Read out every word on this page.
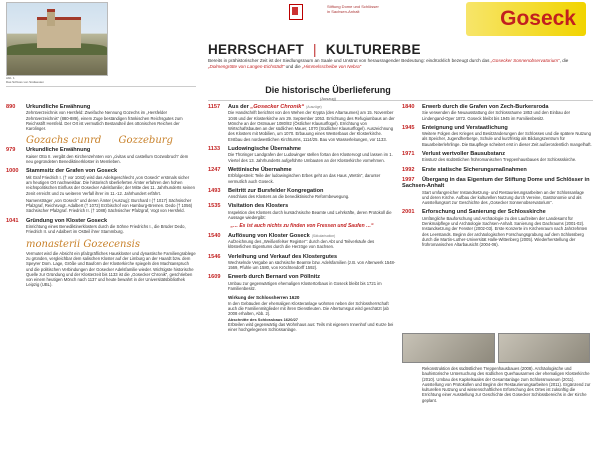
Abb. 1
Das Schloss von Südwesten
Stiftung Dome und Schlösser
in Sachsen-Anhalt	Goseck
HERRSCHAFT | KULTURERBE
Bereits in prähistorischer Zeit ist der Siedlungsraum an Saale und Unstrut von herausragender Bedeutung: eindrücklich bezeugt durch das „Gosecker Sonnenobservatorium“, die „Dolmengrötte von Langen-Eichstädt“ und die „Himmelsscheibe von Nebra“
Die historische Überlieferung
(Auszug)
890 Urkundliche Erwähnung
Zehntverzeichnis von Hersfeld: Zweifache Nennung Gozechs im „Hersfelder Zehntverzeichnis“ (880-889), einem Zuge beständigen fränkischen Reichsgutes zum Reichsstift Hersfeld. Der Ort ist vermutlich Bestandteil des ottonischen Reiches der Karolinger.
Gozachs cunrd Gozzeburg
979 Urkundliche Erwähnung
Kaiser Otto II. vergibt den Kirchenzehnten von „civitas und castellum Gozwobruch“ dem neu gegründeten Benediktinerkloster in Memleben.
1000 Stammsitz der Grafen von Goseck
Mit Graf Friedrich I. († vor 1042) wird das Adelsgeschlecht „von Goseck“ erstmals sicher am heutigen Ort nachweisbar. Die historisch überlieferten Ämter erfahren den hohen reichspolitischen Einfluss der Gosecker Adelsfamilie; der Mitte des 11. Jahrhunderts seinen Zenit erreicht und zu weiteren Verfall ihrer im 11.-12. Jahrhundert erfährt.
Namensträger „von Goseck“ und deren Ämter (Auszug): Burchard I († 1017) Sächsischer Pfalzgraf, Reichsvogt. Adalbert († 1072) Erzbischof von Hamburg-Bremen. Dedo († 1056) Sächsischer Pfalzgraf. Friedrich II. († 1088) Sächsischer Pfalzgraf, Vogt von Hersfeld.
1041 Gründung von Kloster Goseck
Einrichtung eines Benediktinerklosters durch die Söhne Friedrichs I., die Brüder Dedo, Friedrich II. und Adalbert im Ostteil ihrer Stammburg.
monasterii Gozecensis
Vermutet wird die Absicht ein pfalzgräfliches Hauskloster und dynastische Familiengrablege zu gründen, vergleichbar dem salischen Kloster auf der Limburg an der Haardt bzw. dem Speyrer Dom. Lage, Größe und Bauform der Klosterkirche spiegeln den Machtanspruch und die politischen Verbindungen der Gosecker Adelsfamilie wieder. Wichtigste historische Quelle zur Gründung und der Klosterzeit bis 1133 ist die „Gosecker Chronik“, geschrieben von einem heutigen Mönch nach 1137 und heute bewahrt in der Universitätsbibliothek Leipzig (UBL).
1157 Aus der „Gosecker Chronik“ (Auszüge)
Die Handschrift berichtet von den Wehen der Krypta (des Altarraumes) am 15. November 1046 und der Klosterkirche am 29. September 1053. Errichtung des Refugiumbaus an der Mönche an der Ostmauer 1080/82 (Östlicher Klausurflügel). Errichtung von Wirtschaftsbauten an der südlichen Mauer, 1070 (Südlicher Klausurflügel). Auszeichnung des Klosters mit Mobilien, um 1070. Erbauung eines Westerbaus der Klosterkirche. Erstbau des nordwestlichen Kirchturms, 1114/25. Bau von Wasserleitungen, vor 1133.
1133 Ludowingische Übernahme
Die Thüringer Landgrafen der Ludowinger stellen fortan den Klostervogt und lassen im 1. Viertel des 13. Jahrhunderts aufgeführte Umbauten an der Klosterkirche vornehmen.
1247 Wettinische Übernahme
Erbfolgestreit: Teile der ludowingischen Erbes geht an das Haus „Wettin“, darunter vermutlich auch Goseck.
1493 Beitritt zur Bursfelder Kongregation
Anschluss des Klosters an die benediktinische Reformbewegung.
1535 Visitation des Klosters
Inspektion des Klosters durch kursächsische Beamte und Lehrkräfte, deren Protokoll die Aussage wiedergibt:
„… Es ist auch nichts zu finden von Fressen und Saufen …“
1540 Auflösung von Kloster Goseck (Säkularisation)
Aufzeichnung des „Weißenfelser Register“: durch den Abt und Teilverkäufe des klösterlichen Eigentums durch die Herzöge von Sachsen.
1546 Verleihung und Verkauf des Klostergutes
Wechselnde Vergabe an sächsische Beamte bzw. Adelsfamilien (z.B. von Altenwerk 1548-1569, Pfuhle um 1580, von Kröchtendorff 1592).
1609 Erwerb durch Bernard von Pöllnitz
Umbau zur gegenwärtigen ehemaligen Klostertorbaus in Goseck bleibt bis 1721 im Familienbesitz.
Wirkung der Schlossherren 1620
In den Gebäuden der ehemaligen Klosteranlage wohnten neben der Schlossherrschaft auch die Familienmitglieder mit ihren Dienstleuten. Die Altertumsgut wird geschätzt (ab 2008 erhalten, Abb. 2).
Abschnitte des Schlossbaus 1620/27
Erbteilen wird gegenwärtig das Wohnhaus aus: Teils mit eigenem Innenhof und Kurze bei einer hochgelegenen Schlossanlage.
1840 Erwerb durch die Grafen von Zech-Burkersroda
Sie verwenden die Neuausstattung der Schlossräume 1853 und den Einbau der Lindengand-Oper 1872. Goseck bleibt bis 1945 im Familienbesitz.
1945 Enteignung und Verstaatlichung
Weitere Folgen des Krieges und Besitzänderungen der Schlosses und die spätere Nutzung als Speicher, Jugendherberge, Schule und kurzfristig als Bildungszentrum für Bauarbeiterlehrlinge. Die Baupflege scheitert erst in dieser Zeit außerordentlich mangelhaft.
1971 Verlust wertvoller Bausubstanz
Einsturz des südöstlichen frühromanischen Treppenhausbaues der Schlossskirche.
1992 Erste statische Sicherungsmaßnahmen
1997 Übergang in das Eigentum der Stiftung Dome und Schlösser in Sachsen-Anhalt
Start umfangreicher Instandsetzung- und Restaurierungsarbeiten an der Schlossanlage und deren Kirche. Aufbau der kulturellen Nutzung durch Vereine, Gastronomie und als Ausstellungsort zur Geschichte des „Gosecker Sonnenobservatorium“.
2001 Erforschung und Sanierung der Schlosskirche
Umfängliche Bauforschung und Archäologie zu den Laufzeiten der Landesamt für Denkmalpflege und Archäologie Sachsen-Anhalt. Sanierung des Dachraums (2001-02). Instandsetzung der Fenster (2002-03). Erste Konzerte im Kirchenraum nach Jahrzehnten des Leerstands. Beginn der archäologischen Forschungsgrabung auf dem Schlossberg durch die Martin-Luther-Universität Halle-Wittenberg (2005). Wiederherstellung der frühromanischen Altarbausicht (2004-06).
Rekonstruktion des südöstlichen Treppenhausbaues (2008). Archäologische und bauhistorische Untersuchung des südlichen Querhausarmes der ehemaligen Klosterkirche (2010). Umbau des Kapitelsaales der Gesamtanlage zum Schlossmuseum (2011). Ausstellung von Protokollen und Beginn der Restaurierungsarbeiten (2011). Ergänzend zur kulturellen Nutzung und wissenschaftlichen Erforschung des Ortes ist zukünftig die Errichtung einer Ausstellung zur Geschichte des Gosecker Schlossbereichs in der Kirche geplant.
